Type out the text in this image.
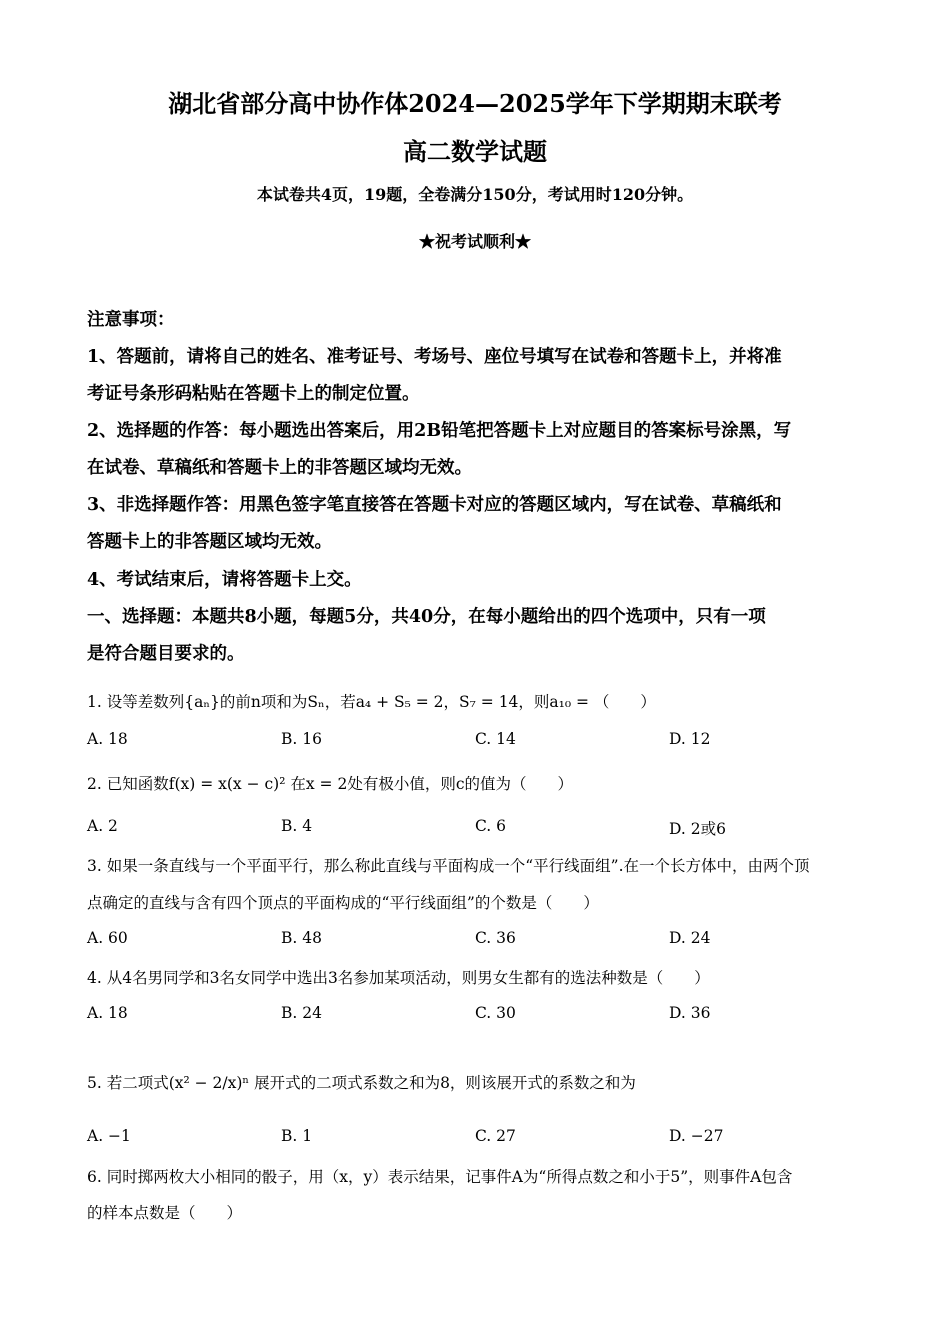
湖北省部分高中协作体2024—2025学年下学期期末联考
高二数学试题
本试卷共4页，19题，全卷满分150分，考试用时120分钟。
★祝考试顺利★
注意事项：
1、答题前，请将自己的姓名、准考证号、考场号、座位号填写在试卷和答题卡上，并将准
考证号条形码粘贴在答题卡上的制定位置。
2、选择题的作答：每小题选出答案后，用2B铅笔把答题卡上对应题目的答案标号涂黑，写
在试卷、草稿纸和答题卡上的非答题区域均无效。
3、非选择题作答：用黑色签字笔直接答在答题卡对应的答题区域内，写在试卷、草稿纸和
答题卡上的非答题区域均无效。
4、考试结束后，请将答题卡上交。
一、选择题：本题共8小题，每题5分，共40分，在每小题给出的四个选项中，只有一项
是符合题目要求的。
1. 设等差数列{aₙ}的前n项和为Sₙ，若a₄ + S₅ = 2，S₇ = 14，则a₁₀ = （　　）
A. 18	B. 16	C. 14	D. 12
2. 已知函数f(x) = x(x − c)² 在x = 2处有极小值，则c的值为（　　）
A. 2	B. 4	C. 6	D. 2或6
3. 如果一条直线与一个平面平行，那么称此直线与平面构成一个“平行线面组”.在一个长方体中，由两个顶
点确定的直线与含有四个顶点的平面构成的“平行线面组”的个数是（　　）
A. 60	B. 48	C. 36	D. 24
4. 从4名男同学和3名女同学中选出3名参加某项活动，则男女生都有的选法种数是（　　）
A. 18	B. 24	C. 30	D. 36
5. 若二项式(x² − 2/x)ⁿ 展开式的二项式系数之和为8，则该展开式的系数之和为
A. −1	B. 1	C. 27	D. −27
6. 同时掷两枚大小相同的骰子，用（x，y）表示结果，记事件A为“所得点数之和小于5”，则事件A包含
的样本点数是（　　）
